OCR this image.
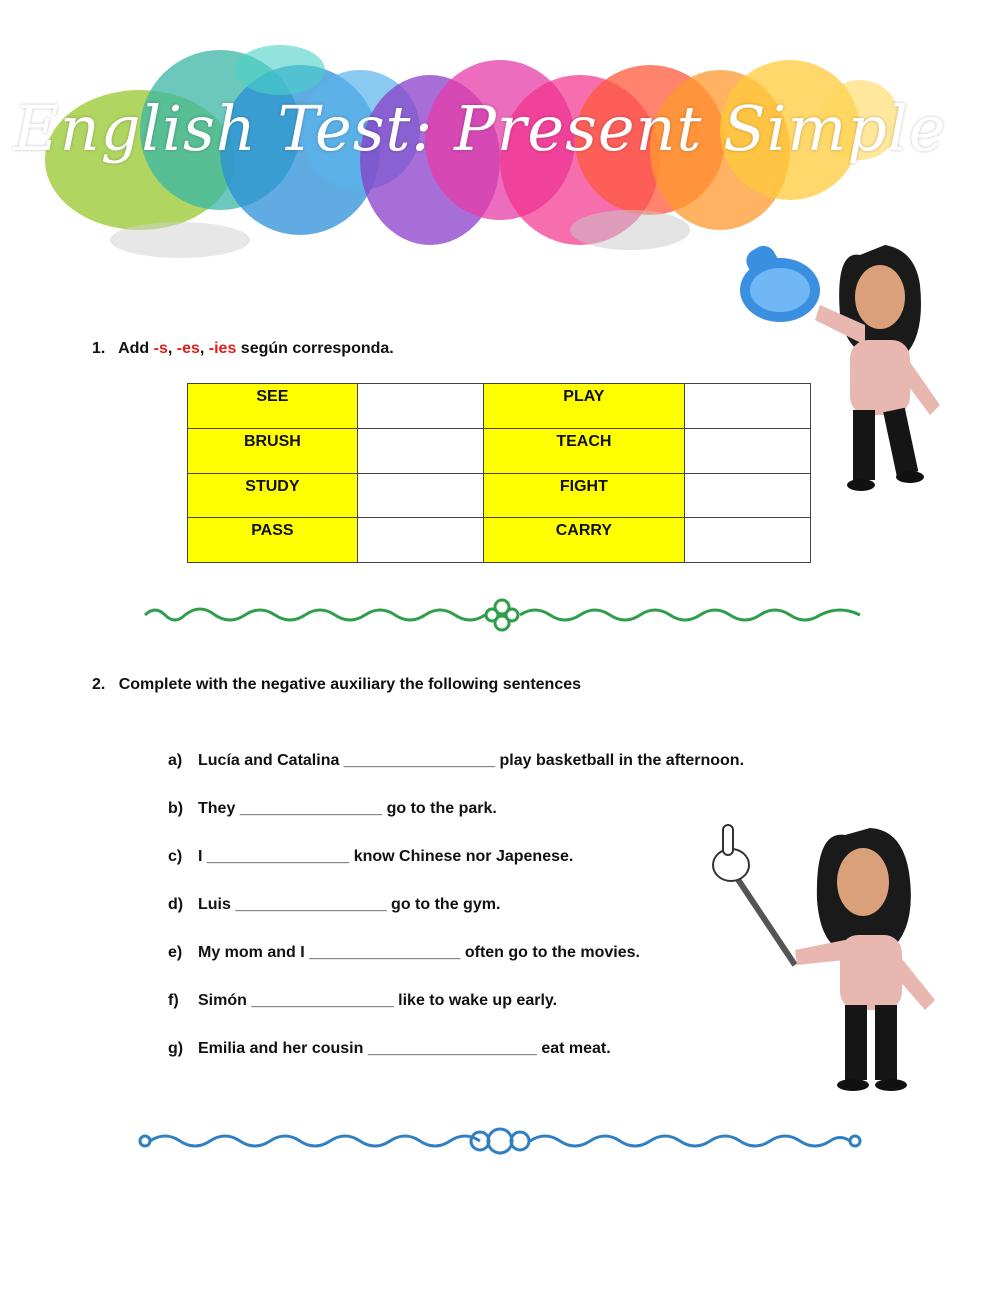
English Test: Present Simple
1. Add -s, -es, -ies según corresponda.
SEE		PLAY	
BRUSH		TEACH	
STUDY		FIGHT	
PASS		CARRY	
2. Complete with the negative auxiliary the following sentences
a) Lucía and Catalina _________________ play basketball in the afternoon.
b) They ________________ go to the park.
c) I ________________ know Chinese nor Japenese.
d) Luis _________________ go to the gym.
e) My mom and I _________________ often go to the movies.
f) Simón ________________ like to wake up early.
g) Emilia and her cousin ___________________ eat meat.
